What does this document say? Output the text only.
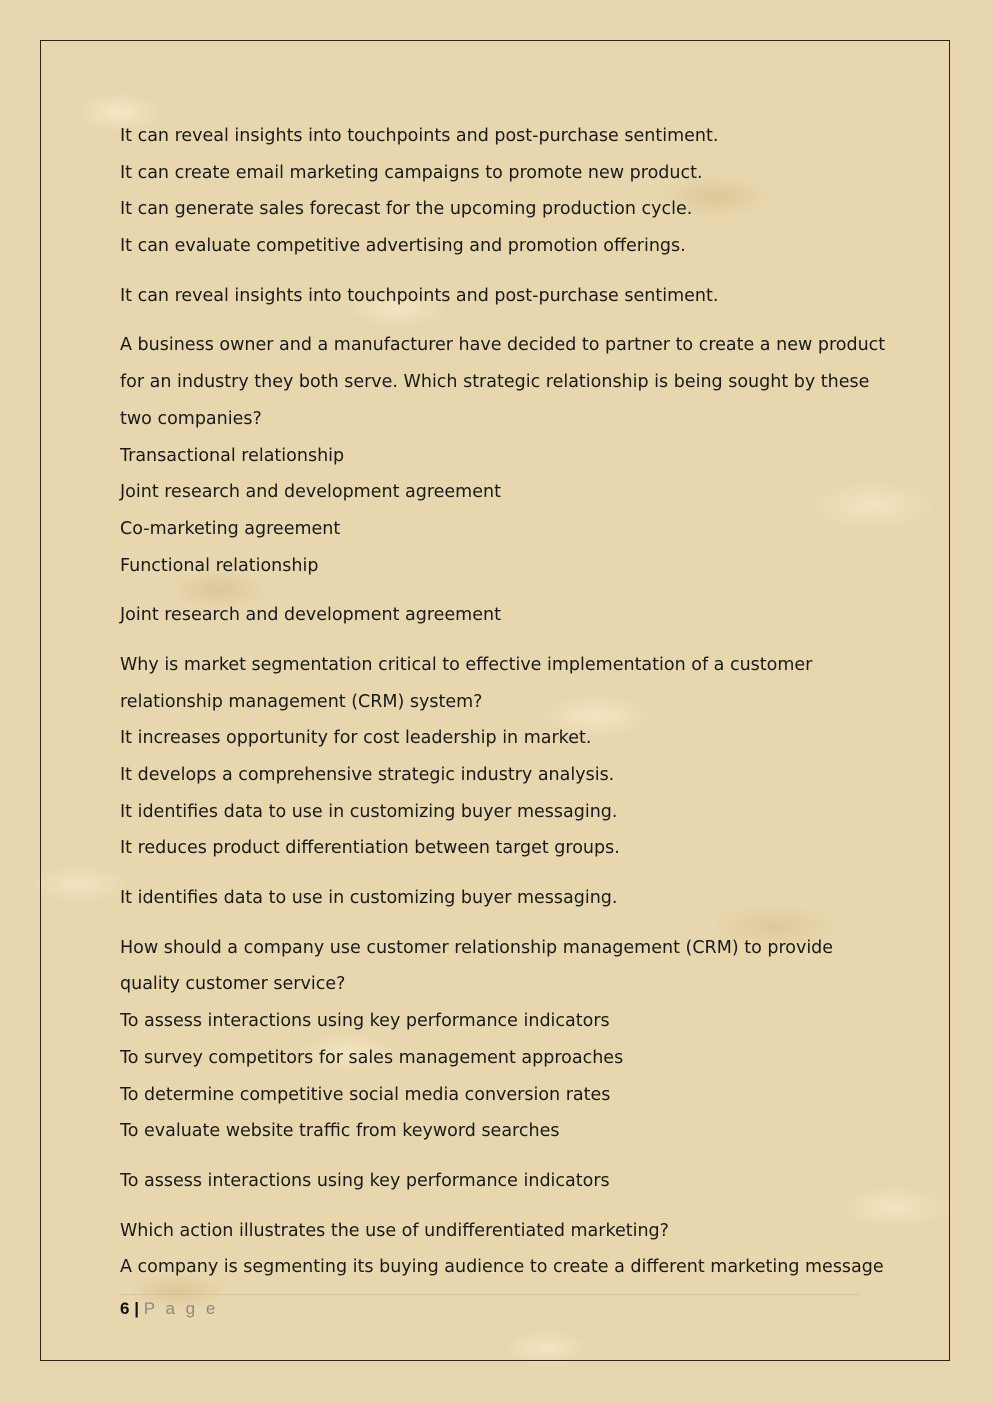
It can reveal insights into touchpoints and post-purchase sentiment.

It can create email marketing campaigns to promote new product.

It can generate sales forecast for the upcoming production cycle.

It can evaluate competitive advertising and promotion offerings.

It can reveal insights into touchpoints and post-purchase sentiment.

A business owner and a manufacturer have decided to partner to create a new product

for an industry they both serve. Which strategic relationship is being sought by these

two companies?

Transactional relationship

Joint research and development agreement

Co-marketing agreement

Functional relationship

Joint research and development agreement

Why is market segmentation critical to effective implementation of a customer

relationship management (CRM) system?

It increases opportunity for cost leadership in market.

It develops a comprehensive strategic industry analysis.

It identifies data to use in customizing buyer messaging.

It reduces product differentiation between target groups.

It identifies data to use in customizing buyer messaging.

How should a company use customer relationship management (CRM) to provide

quality customer service?

To assess interactions using key performance indicators

To survey competitors for sales management approaches

To determine competitive social media conversion rates

To evaluate website traffic from keyword searches

To assess interactions using key performance indicators

Which action illustrates the use of undifferentiated marketing?

A company is segmenting its buying audience to create a different marketing message

6 | P a g e
